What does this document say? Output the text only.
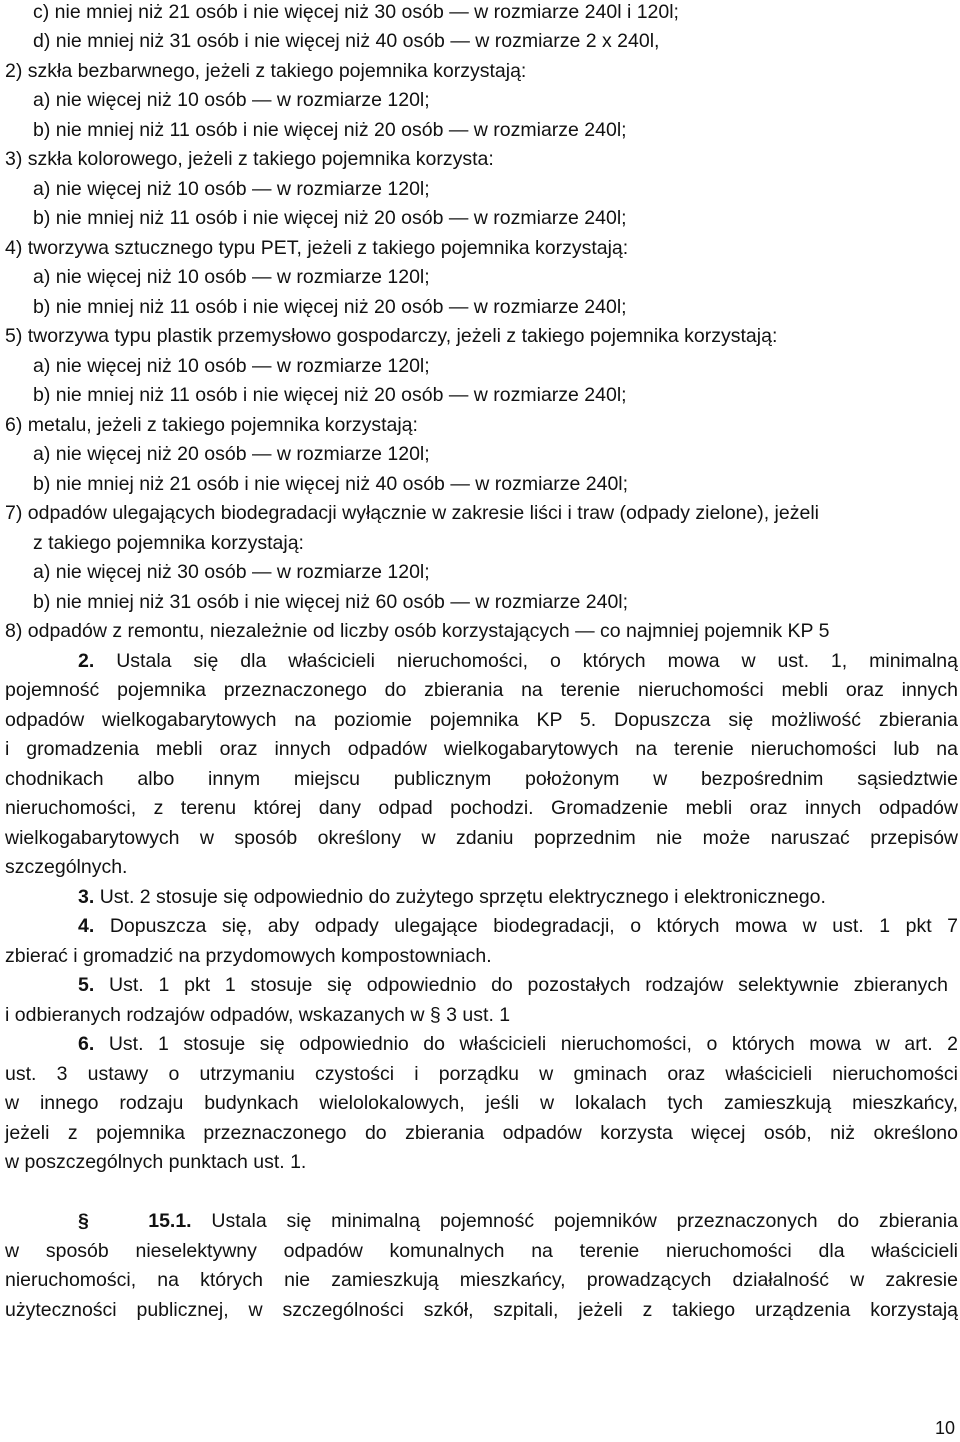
c) nie mniej niż 21 osób i nie więcej niż 30 osób — w rozmiarze 240l i 120l;
d) nie mniej niż 31 osób i nie więcej niż 40 osób — w rozmiarze 2 x 240l,
2) szkła bezbarwnego, jeżeli z takiego pojemnika korzystają:
a) nie więcej niż 10 osób — w rozmiarze 120l;
b) nie mniej niż 11 osób i nie więcej niż 20 osób — w rozmiarze 240l;
3) szkła kolorowego, jeżeli z takiego pojemnika korzysta:
a) nie więcej niż 10 osób — w rozmiarze 120l;
b) nie mniej niż 11 osób i nie więcej niż 20 osób — w rozmiarze 240l;
4) tworzywa sztucznego typu PET, jeżeli z takiego pojemnika korzystają:
a) nie więcej niż 10 osób — w rozmiarze 120l;
b) nie mniej niż 11 osób i nie więcej niż 20 osób — w rozmiarze 240l;
5) tworzywa typu plastik przemysłowo gospodarczy, jeżeli z takiego pojemnika korzystają:
a) nie więcej niż 10 osób — w rozmiarze 120l;
b) nie mniej niż 11 osób i nie więcej niż 20 osób — w rozmiarze 240l;
6) metalu, jeżeli z takiego pojemnika korzystają:
a) nie więcej niż 20 osób — w rozmiarze 120l;
b) nie mniej niż 21 osób i nie więcej niż 40 osób — w rozmiarze 240l;
7) odpadów ulegających biodegradacji wyłącznie w zakresie liści i traw (odpady zielone), jeżeli
z takiego pojemnika korzystają:
a) nie więcej niż 30 osób — w rozmiarze 120l;
b) nie mniej niż 31 osób i nie więcej niż 60 osób — w rozmiarze 240l;
8) odpadów z remontu, niezależnie od liczby osób korzystających — co najmniej pojemnik KP 5
2. Ustala się dla właścicieli nieruchomości, o których mowa w ust. 1, minimalną
pojemność pojemnika przeznaczonego do zbierania na terenie nieruchomości mebli oraz innych
odpadów wielkogabarytowych na poziomie pojemnika KP 5. Dopuszcza się możliwość zbierania
i gromadzenia mebli oraz innych odpadów wielkogabarytowych na terenie nieruchomości lub na
chodnikach albo innym miejscu publicznym położonym w bezpośrednim sąsiedztwie
nieruchomości, z terenu której dany odpad pochodzi. Gromadzenie mebli oraz innych odpadów
wielkogabarytowych w sposób określony w zdaniu poprzednim nie może naruszać przepisów
szczególnych.
3. Ust. 2 stosuje się odpowiednio do zużytego sprzętu elektrycznego i elektronicznego.
4. Dopuszcza się, aby odpady ulegające biodegradacji, o których mowa w ust. 1 pkt 7
zbierać i gromadzić na przydomowych kompostowniach.
5. Ust. 1 pkt 1 stosuje się odpowiednio do pozostałych rodzajów selektywnie zbieranych
i odbieranych rodzajów odpadów, wskazanych w § 3 ust. 1
6. Ust. 1 stosuje się odpowiednio do właścicieli nieruchomości, o których mowa w art. 2
ust. 3 ustawy o utrzymaniu czystości i porządku w gminach oraz właścicieli nieruchomości
w innego rodzaju budynkach wielolokalowych, jeśli w lokalach tych zamieszkują mieszkańcy,
jeżeli z pojemnika przeznaczonego do zbierania odpadów korzysta więcej osób, niż określono
w poszczególnych punktach ust. 1.
§	15.1. Ustala się minimalną pojemność pojemników przeznaczonych do zbierania
w sposób nieselektywny odpadów komunalnych na terenie nieruchomości dla właścicieli
nieruchomości, na których nie zamieszkują mieszkańcy, prowadzących działalność w zakresie
użyteczności publicznej, w szczególności szkół, szpitali, jeżeli z takiego urządzenia korzystają
10
